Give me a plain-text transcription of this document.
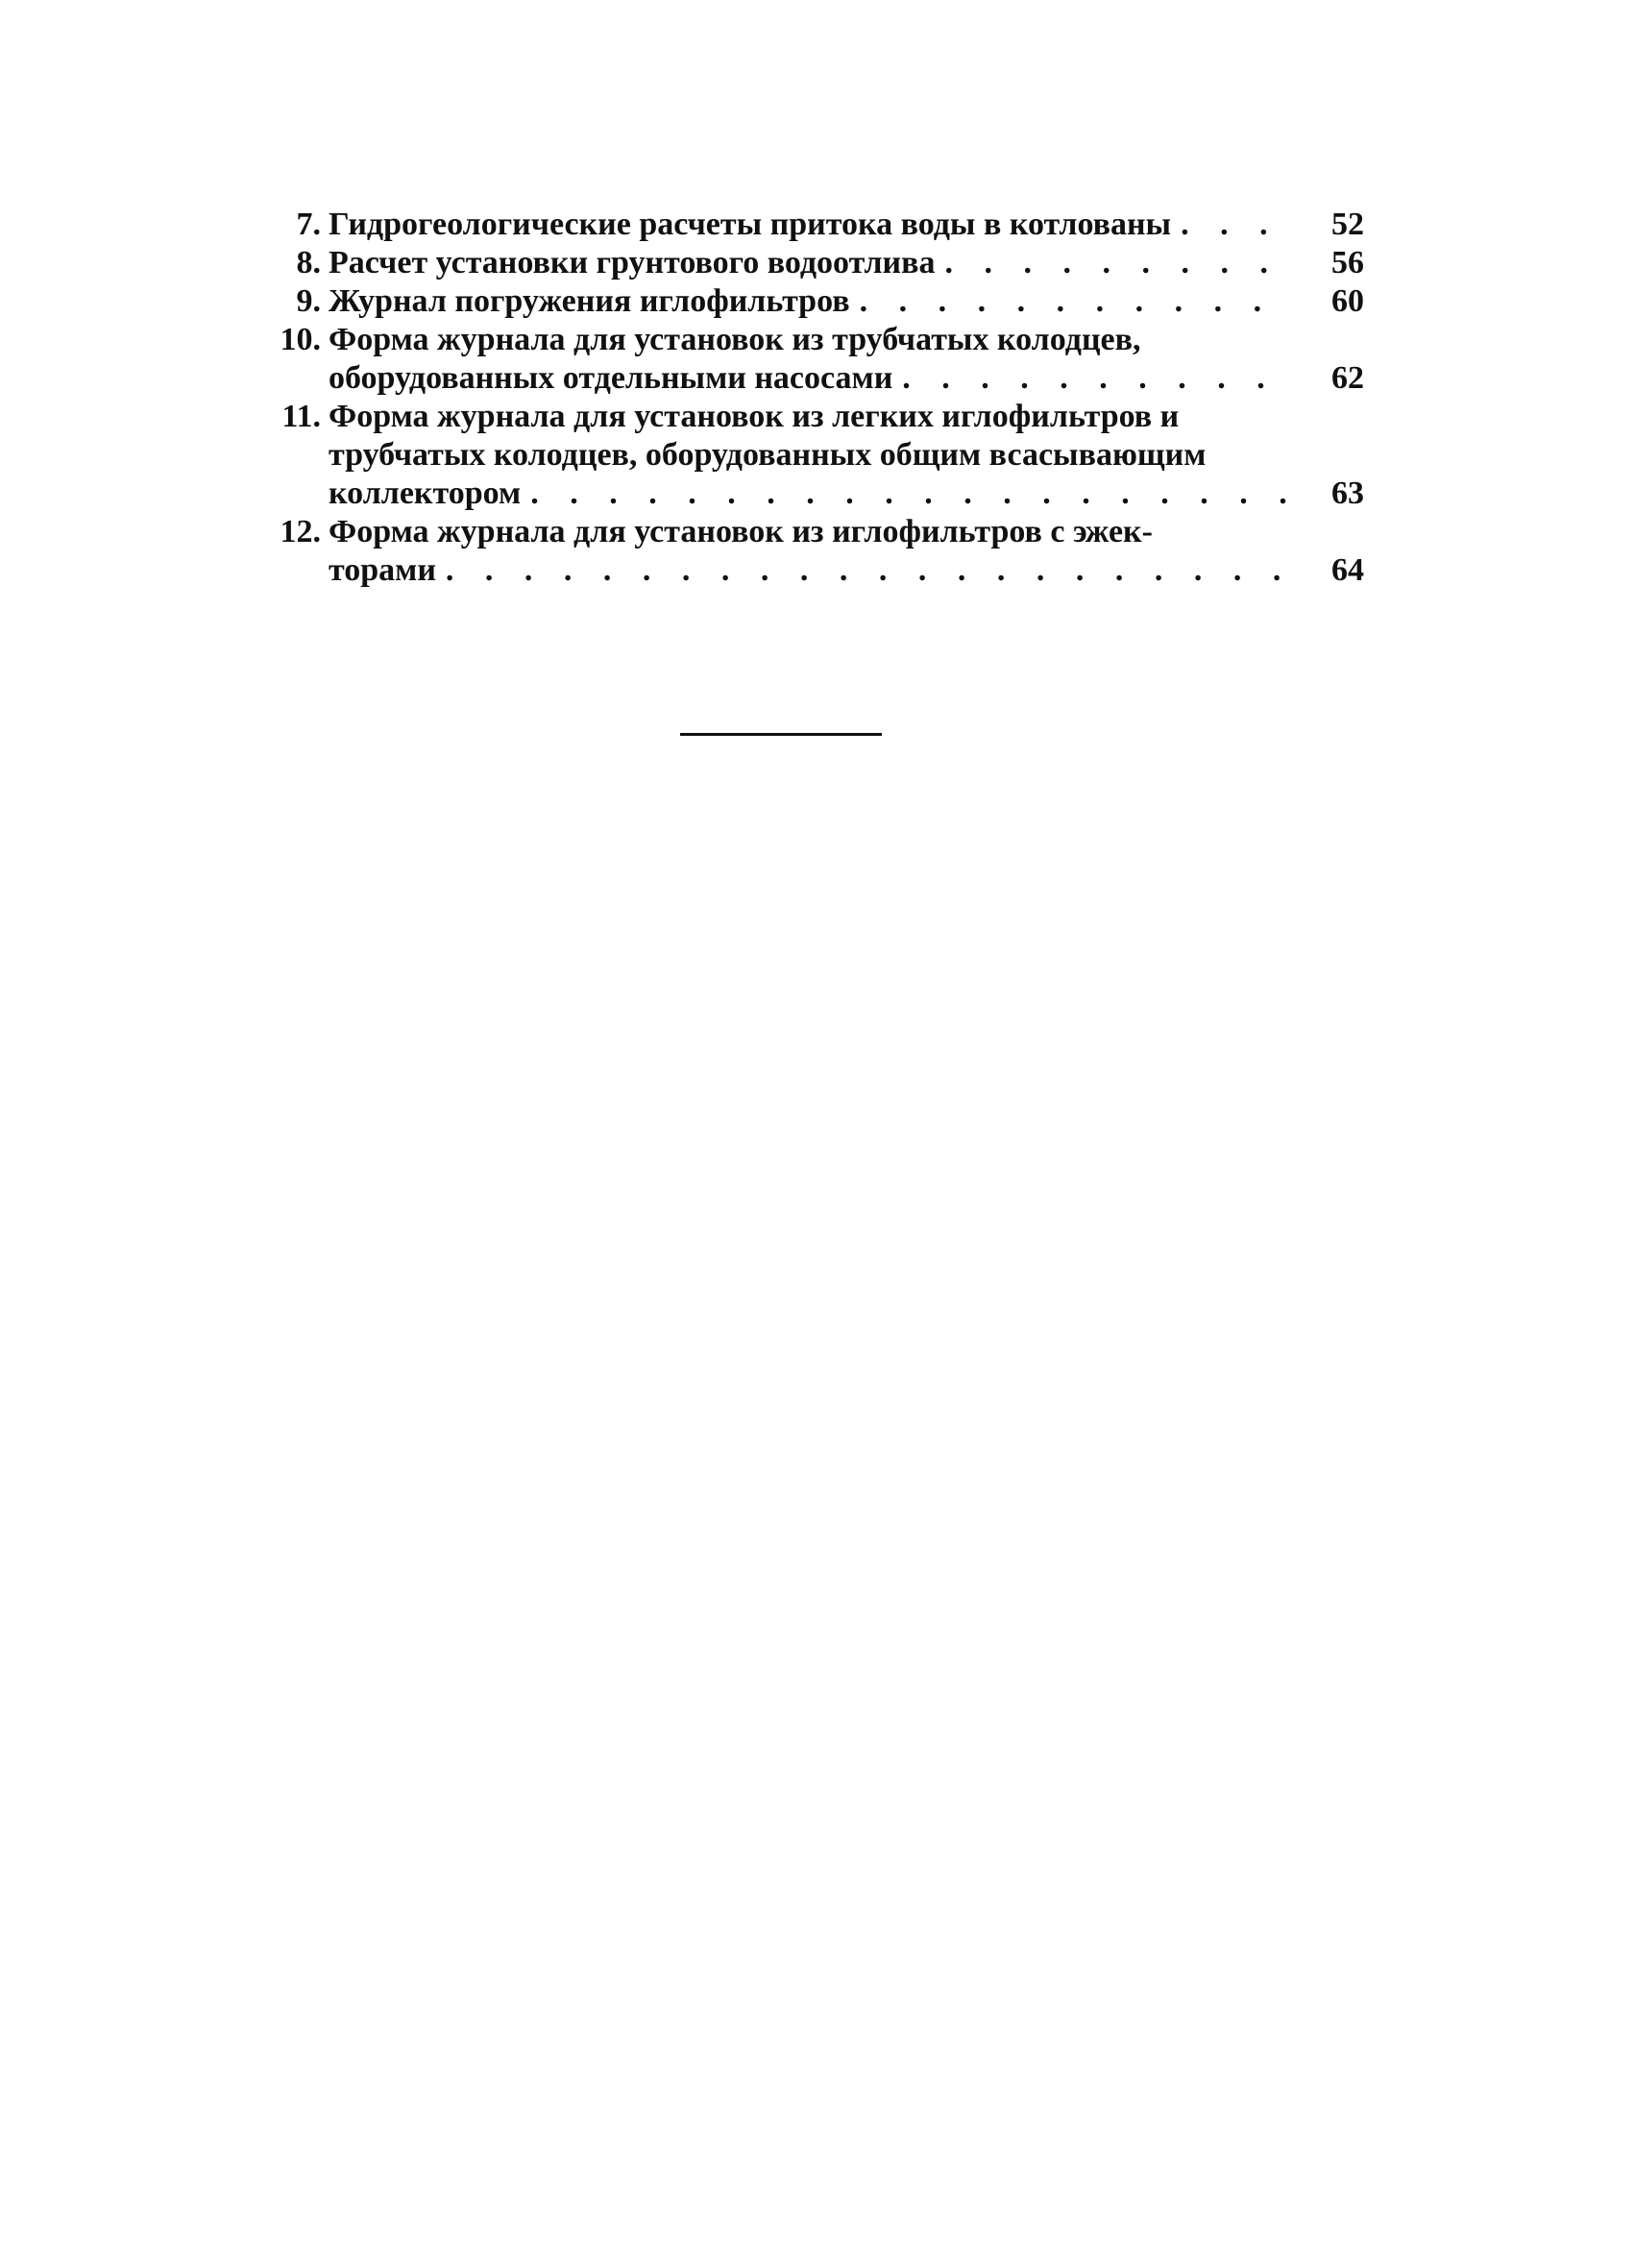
7. Гидрогеологические расчеты притока воды в котлованы . . .	52
8. Расчет установки грунтового водоотлива . . .	56
9. Журнал погружения иглофильтров . . .	60
10. Форма журнала для установок из трубчатых колодцев,
оборудованных отдельными насосами . . .	62
11. Форма журнала для установок из легких иглофильтров и
трубчатых колодцев, оборудованных общим всасывающим
коллектором . . .	63
12. Форма журнала для установок из иглофильтров с эжек-
торами . . .	64
